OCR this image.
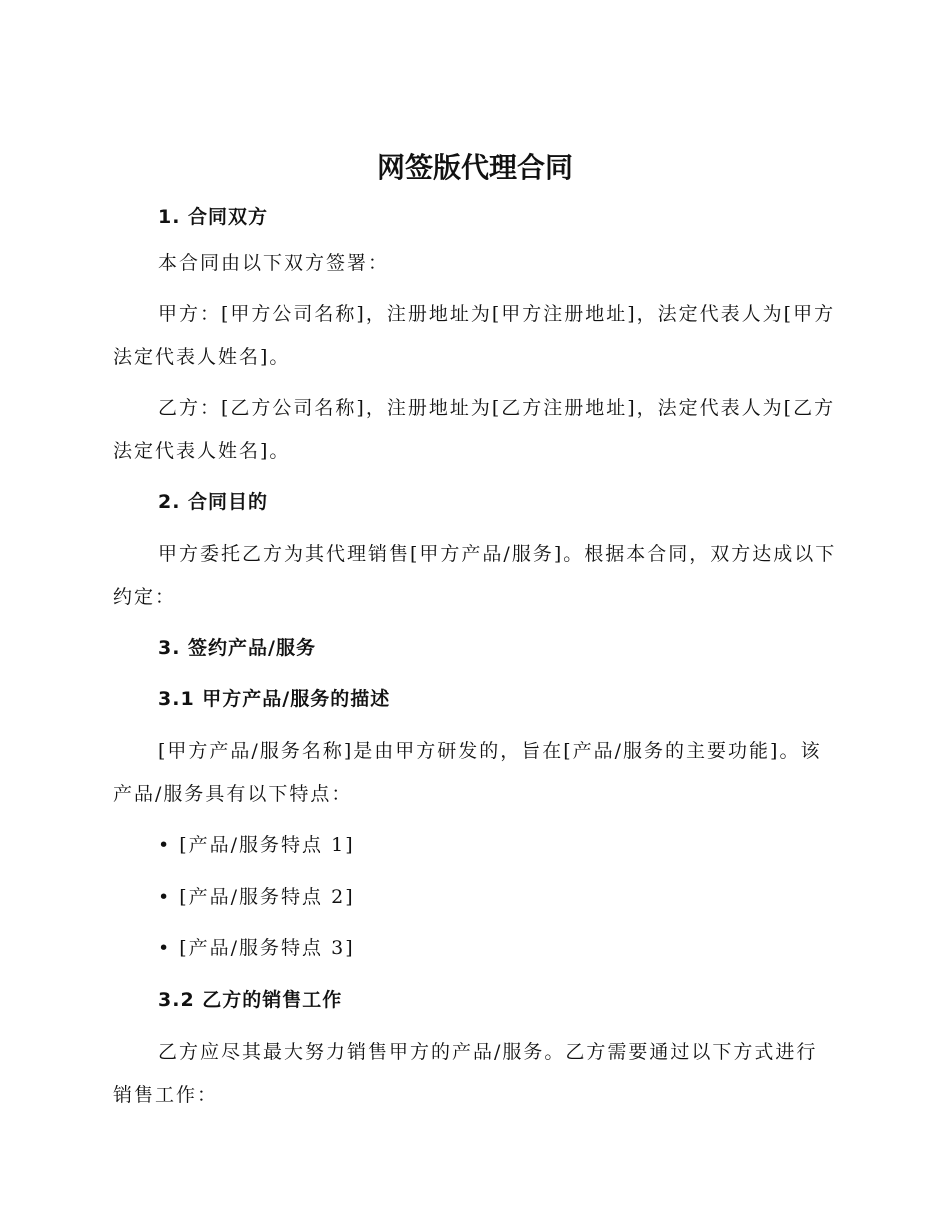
网签版代理合同

1. 合同双方

本合同由以下双方签署：

甲方：[甲方公司名称]，注册地址为[甲方注册地址]，法定代表人为[甲方法定代表人姓名]。

乙方：[乙方公司名称]，注册地址为[乙方注册地址]，法定代表人为[乙方法定代表人姓名]。

2. 合同目的

甲方委托乙方为其代理销售[甲方产品/服务]。根据本合同，双方达成以下约定：

3. 签约产品/服务

3.1 甲方产品/服务的描述

[甲方产品/服务名称]是由甲方研发的，旨在[产品/服务的主要功能]。该产品/服务具有以下特点：

• [产品/服务特点 1]

• [产品/服务特点 2]

• [产品/服务特点 3]

3.2 乙方的销售工作

乙方应尽其最大努力销售甲方的产品/服务。乙方需要通过以下方式进行销售工作：
